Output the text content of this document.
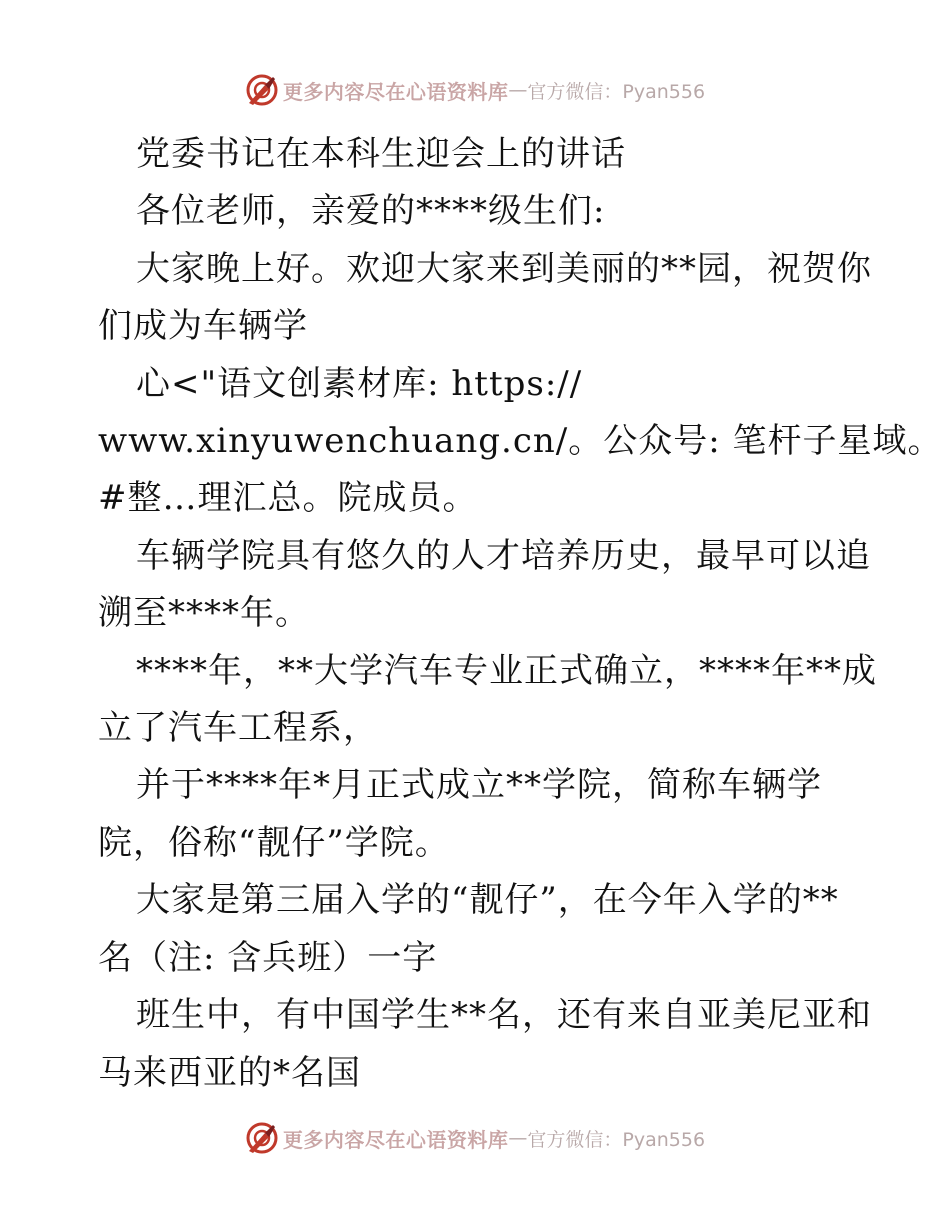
更多内容尽在心语资料库 — 官方微信：Pyan556

党委书记在本科生迎会上的讲话

各位老师，亲爱的****级生们:

大家晚上好。欢迎大家来到美丽的**园，祝贺你

们成为车辆学

心<"语文创素材库: https://

www.xinyuwenchuang.cn/。公众号: 笔杆子星域。

#整…理汇总。院成员。

车辆学院具有悠久的人才培养历史，最早可以追

溯至****年。

****年，**大学汽车专业正式确立，****年**成

立了汽车工程系，

并于****年*月正式成立**学院，简称车辆学

院，俗称“靓仔”学院。

大家是第三届入学的“靓仔”，在今年入学的**

名（注: 含兵班）一字

班生中，有中国学生**名，还有来自亚美尼亚和

马来西亚的*名国

更多内容尽在心语资料库 — 官方微信：Pyan556
